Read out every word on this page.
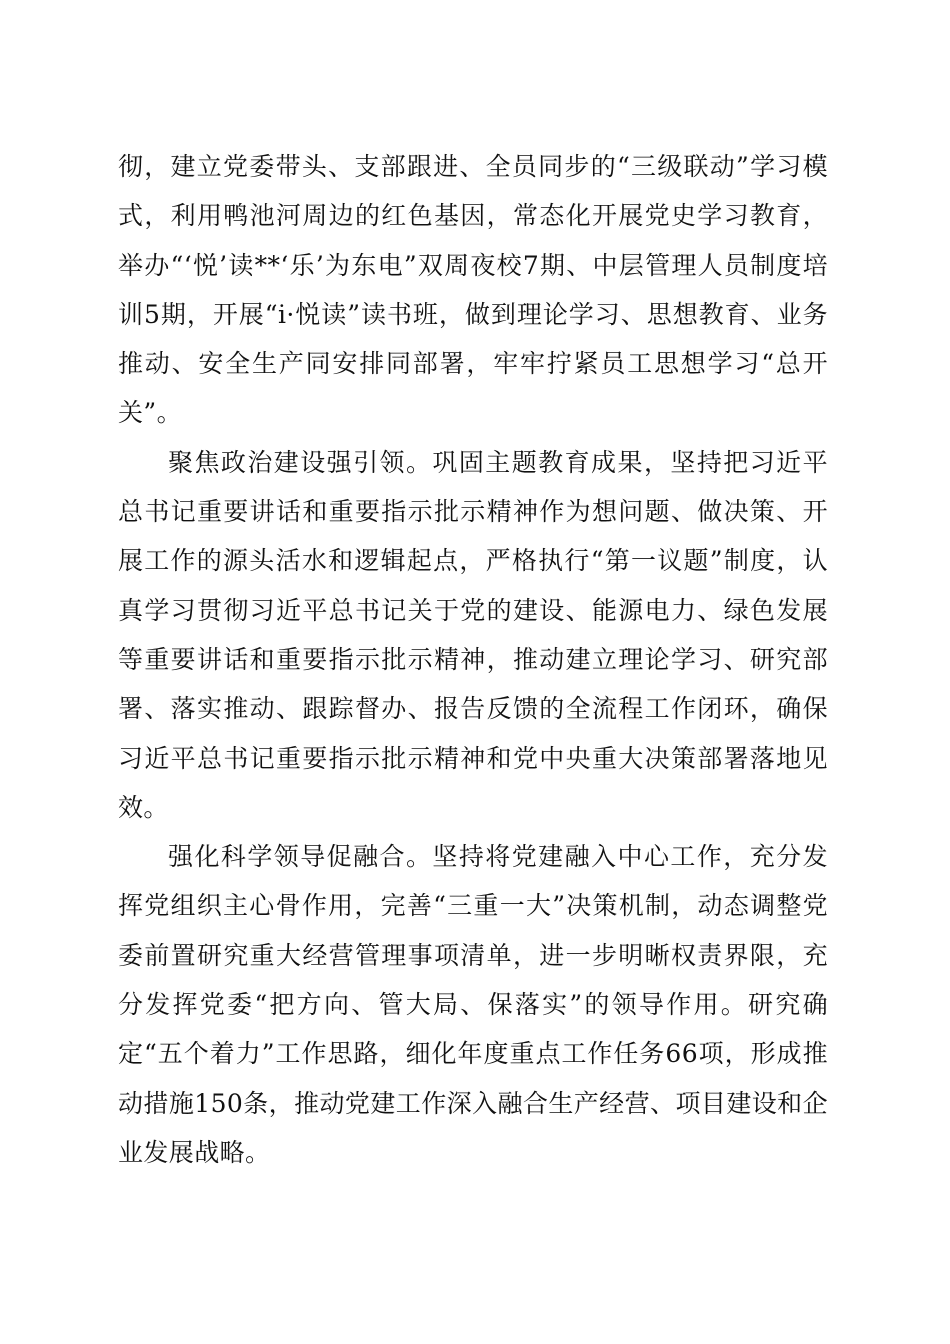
彻，建立党委带头、支部跟进、全员同步的“三级联动”学习模式，利用鸭池河周边的红色基因，常态化开展党史学习教育，举办“‘悦’读**‘乐’为东电”双周夜校7期、中层管理人员制度培训5期，开展“i·悦读”读书班，做到理论学习、思想教育、业务推动、安全生产同安排同部署，牢牢拧紧员工思想学习“总开关”。

聚焦政治建设强引领。巩固主题教育成果，坚持把习近平总书记重要讲话和重要指示批示精神作为想问题、做决策、开展工作的源头活水和逻辑起点，严格执行“第一议题”制度，认真学习贯彻习近平总书记关于党的建设、能源电力、绿色发展等重要讲话和重要指示批示精神，推动建立理论学习、研究部署、落实推动、跟踪督办、报告反馈的全流程工作闭环，确保习近平总书记重要指示批示精神和党中央重大决策部署落地见效。

强化科学领导促融合。坚持将党建融入中心工作，充分发挥党组织主心骨作用，完善“三重一大”决策机制，动态调整党委前置研究重大经营管理事项清单，进一步明晰权责界限，充分发挥党委“把方向、管大局、保落实”的领导作用。研究确定“五个着力”工作思路，细化年度重点工作任务66项，形成推动措施150条，推动党建工作深入融合生产经营、项目建设和企业发展战略。
